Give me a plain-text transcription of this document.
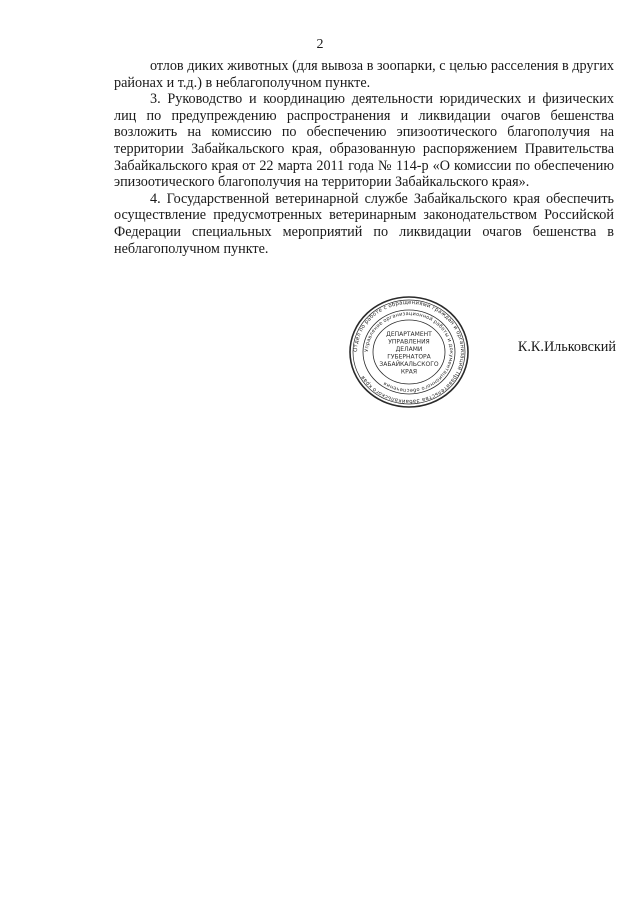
2

отлов диких животных (для вывоза в зоопарки, с целью расселения в других районах и т.д.) в неблагополучном пункте.

3. Руководство и координацию деятельности юридических и физических лиц по предупреждению распространения и ликвидации очагов бешенства возложить на комиссию по обеспечению эпизоотического благополучия на территории Забайкальского края, образованную распоряжением Правительства Забайкальского края от 22 марта 2011 года № 114-р «О комиссии по обеспечению эпизоотического благополучия на территории Забайкальского края».

4. Государственной ветеринарной службе Забайкальского края обеспечить осуществление предусмотренных ветеринарным законодательством Российской Федерации специальных мероприятий по ликвидации очагов бешенства в неблагополучном пункте.

Отдел по работе с обращениями граждан и организаций Правительства Забайкальского края
Управление организационной работы и документационного обеспечения
ДЕПАРТАМЕНТ
УПРАВЛЕНИЯ
ДЕЛАМИ
ГУБЕРНАТОРА
ЗАБАЙКАЛЬСКОГО
КРАЯ
К.К.Ильковский
